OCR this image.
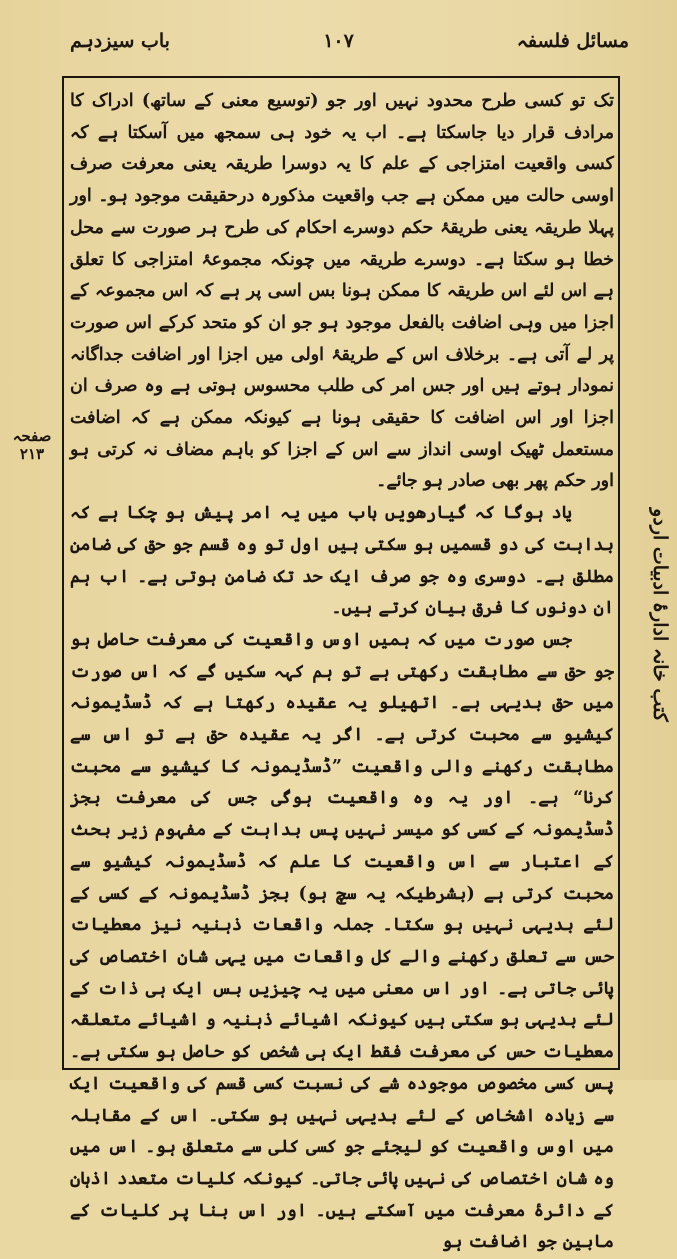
مسائل فلسفہ
١٠٧
باب سیزدہم

تک تو کسی طرح محدود نہیں اور جو (توسیع معنی کے ساتھ) ادراک کا مرادف قرار دیا جاسکتا ہے۔ اب یہ خود ہی سمجھ میں آسکتا ہے کہ کسی واقعیت امتزاجی کے علم کا یہ دوسرا طریقہ یعنی معرفت صرف اوسی حالت میں ممکن ہے جب واقعیت مذکورہ درحقیقت موجود ہو۔ اور پہلا طریقہ یعنی طریقۂ حکم دوسرے احکام کی طرح ہر صورت سے محل خطا ہو سکتا ہے۔ دوسرے طریقہ میں چونکہ مجموعۂ امتزاجی کا تعلق ہے اس لئے اس طریقہ کا ممکن ہونا بس اسی پر ہے کہ اس مجموعہ کے اجزا میں وہی اضافت بالفعل موجود ہو جو ان کو متحد کرکے اس صورت پر لے آتی ہے۔ برخلاف اس کے طریقۂ اولی میں اجزا اور اضافت جداگانہ نمودار ہوتے ہیں اور جس امر کی طلب محسوس ہوتی ہے وہ صرف ان اجزا اور اس اضافت کا حقیقی ہونا ہے کیونکہ ممکن ہے کہ اضافت مستعمل ٹھیک اوسی انداز سے اس کے اجزا کو باہم مضاف نہ کرتی ہو اور حکم پھر بھی صادر ہو جائے۔

یاد ہوگا کہ گیارھویں باب میں یہ امر پیش ہو چکا ہے کہ بداہت کی دو قسمیں ہو سکتی ہیں اول تو وہ قسم جو حق کی ضامن مطلق ہے۔ دوسری وہ جو صرف ایک حد تک ضامن ہوتی ہے۔ اب ہم ان دونوں کا فرق بیان کرتے ہیں۔

جس صورت میں کہ ہمیں اوس واقعیت کی معرفت حاصل ہو جو حق سے مطابقت رکھتی ہے تو ہم کہہ سکیں گے کہ اس صورت میں حق بدیہی ہے۔ اتھیلو یہ عقیدہ رکھتا ہے کہ ڈسڈیمونہ کیشیو سے محبت کرتی ہے۔ اگر یہ عقیدہ حق ہے تو اس سے مطابقت رکھنے والی واقعیت ”ڈسڈیمونہ کا کیشیو سے محبت کرنا“ ہے۔ اور یہ وہ واقعیت ہوگی جس کی معرفت بجز ڈسڈیمونہ کے کسی کو میسر نہیں پس بداہت کے مفہوم زیر بحث کے اعتبار سے اس واقعیت کا علم کہ ڈسڈیمونہ کیشیو سے محبت کرتی ہے (بشرطیکہ یہ سچ ہو) بجز ڈسڈیمونہ کے کسی کے لئے بدیہی نہیں ہو سکتا۔ جملہ واقعات ذہنیہ نیز معطیات حس سے تعلق رکھنے والے کل واقعات میں یہی شان اختصاص کی پائی جاتی ہے۔ اور اس معنی میں یہ چیزیں بس ایک ہی ذات کے لئے بدیہی ہو سکتی ہیں کیونکہ اشیائے ذہنیہ و اشیائے متعلقہ معطیات حس کی معرفت فقط ایک ہی شخص کو حاصل ہو سکتی ہے۔ پس کسی مخصوص موجودہ شے کی نسبت کسی قسم کی واقعیت ایک سے زیادہ اشخاص کے لئے بدیہی نہیں ہو سکتی۔ اس کے مقابلہ میں اوس واقعیت کو لیجئے جو کسی کلی سے متعلق ہو۔ اس میں وہ شان اختصاص کی نہیں پائی جاتی۔ کیونکہ کلیات متعدد اذہان کے دائرۂ معرفت میں آسکتے ہیں۔ اور اس بنا پر کلیات کے مابین جو اضافت ہو

صفحہ ٢١٣
کتب خانہ ادارۂ ادبیات اردو
